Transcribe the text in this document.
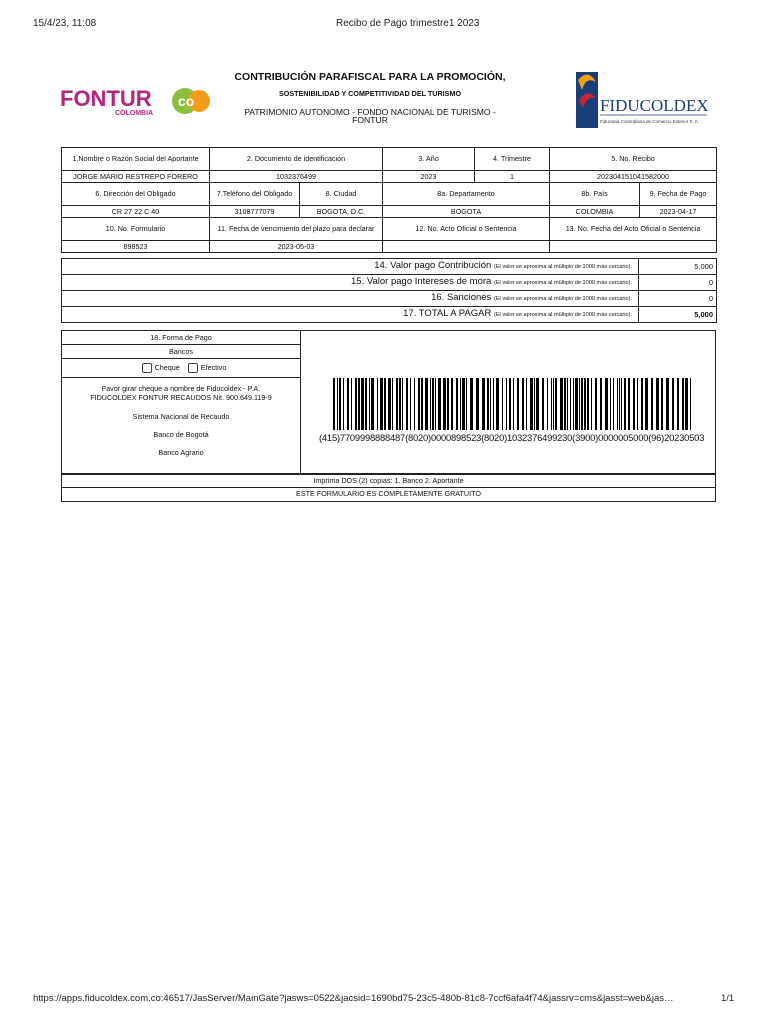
15/4/23, 11:08	Recibo de Pago trimestre1 2023
FONTUR
COLOMBIA
co
CONTRIBUCIÓN PARAFISCAL PARA LA PROMOCIÓN,
SOSTENIBILIDAD Y COMPETITIVIDAD DEL TURISMO
PATRIMONIO AUTONOMO - FONDO NACIONAL DE TURISMO - FONTUR
FIDUCOLDEX
Fiduciaria Colombiana de Comercio Exterior S. A.
1.Nombre o Razón Social del Aportante	2. Documento de identificación		3. Año	4. Trimestre	5. No. Recibo	
JORGE MARIO RESTREPO FORERO	1032376499		2023	1	202304151041582000	
6. Dirección del Obligado	7.Teléfono del Obligado	8. Ciudad	8a. Departamento		8b. País	9. Fecha de Pago
CR 27 22 C 40	3108777079	BOGOTA, D.C.	BOGOTA		COLOMBIA	2023-04-17
10. No. Formulario	11. Fecha de vencimiento del plazo para declarar		12. No. Acto Oficial o Sentencia		13. No. Fecha del Acto Oficial o Sentencia	
898523	2023-05-03					
14. Valor pago Contribución (El valor se aproxima al múltiplo de 1000 más cercano).	5,000
15. Valor pago Intereses de mora (El valor se aproxima al múltiplo de 1000 más cercano).	0
16. Sanciones (El valor se aproxima al múltiplo de 1000 más cercano).	0
17. TOTAL A PAGAR (El valor se aproxima al múltiplo de 1000 más cercano).	5,000
18. Forma de Pago
Bancos
Cheque	Efectivo
Favor girar cheque a nombre de Fiducoldex - P.A.
FIDUCOLDEX FONTUR RECAUDOS Nit. 900.649.119-9
Sistema Nacional de Recaudo
Banco de Bogotá
Banco Agrario
(415)7709998888487(8020)0000898523(8020)1032376499230(3900)0000005000(96)20230503
Imprima DOS (2) copias: 1. Banco 2. Aportante
ESTE FORMULARIO ES COMPLETAMENTE GRATUITO
https://apps.fiducoldex.com.co:46517/JasServer/MainGate?jasws=0522&jacsid=1690bd75-23c5-480b-81c8-7ccf6afa4f74&jassrv=cms&jasst=web&jas…	1/1
